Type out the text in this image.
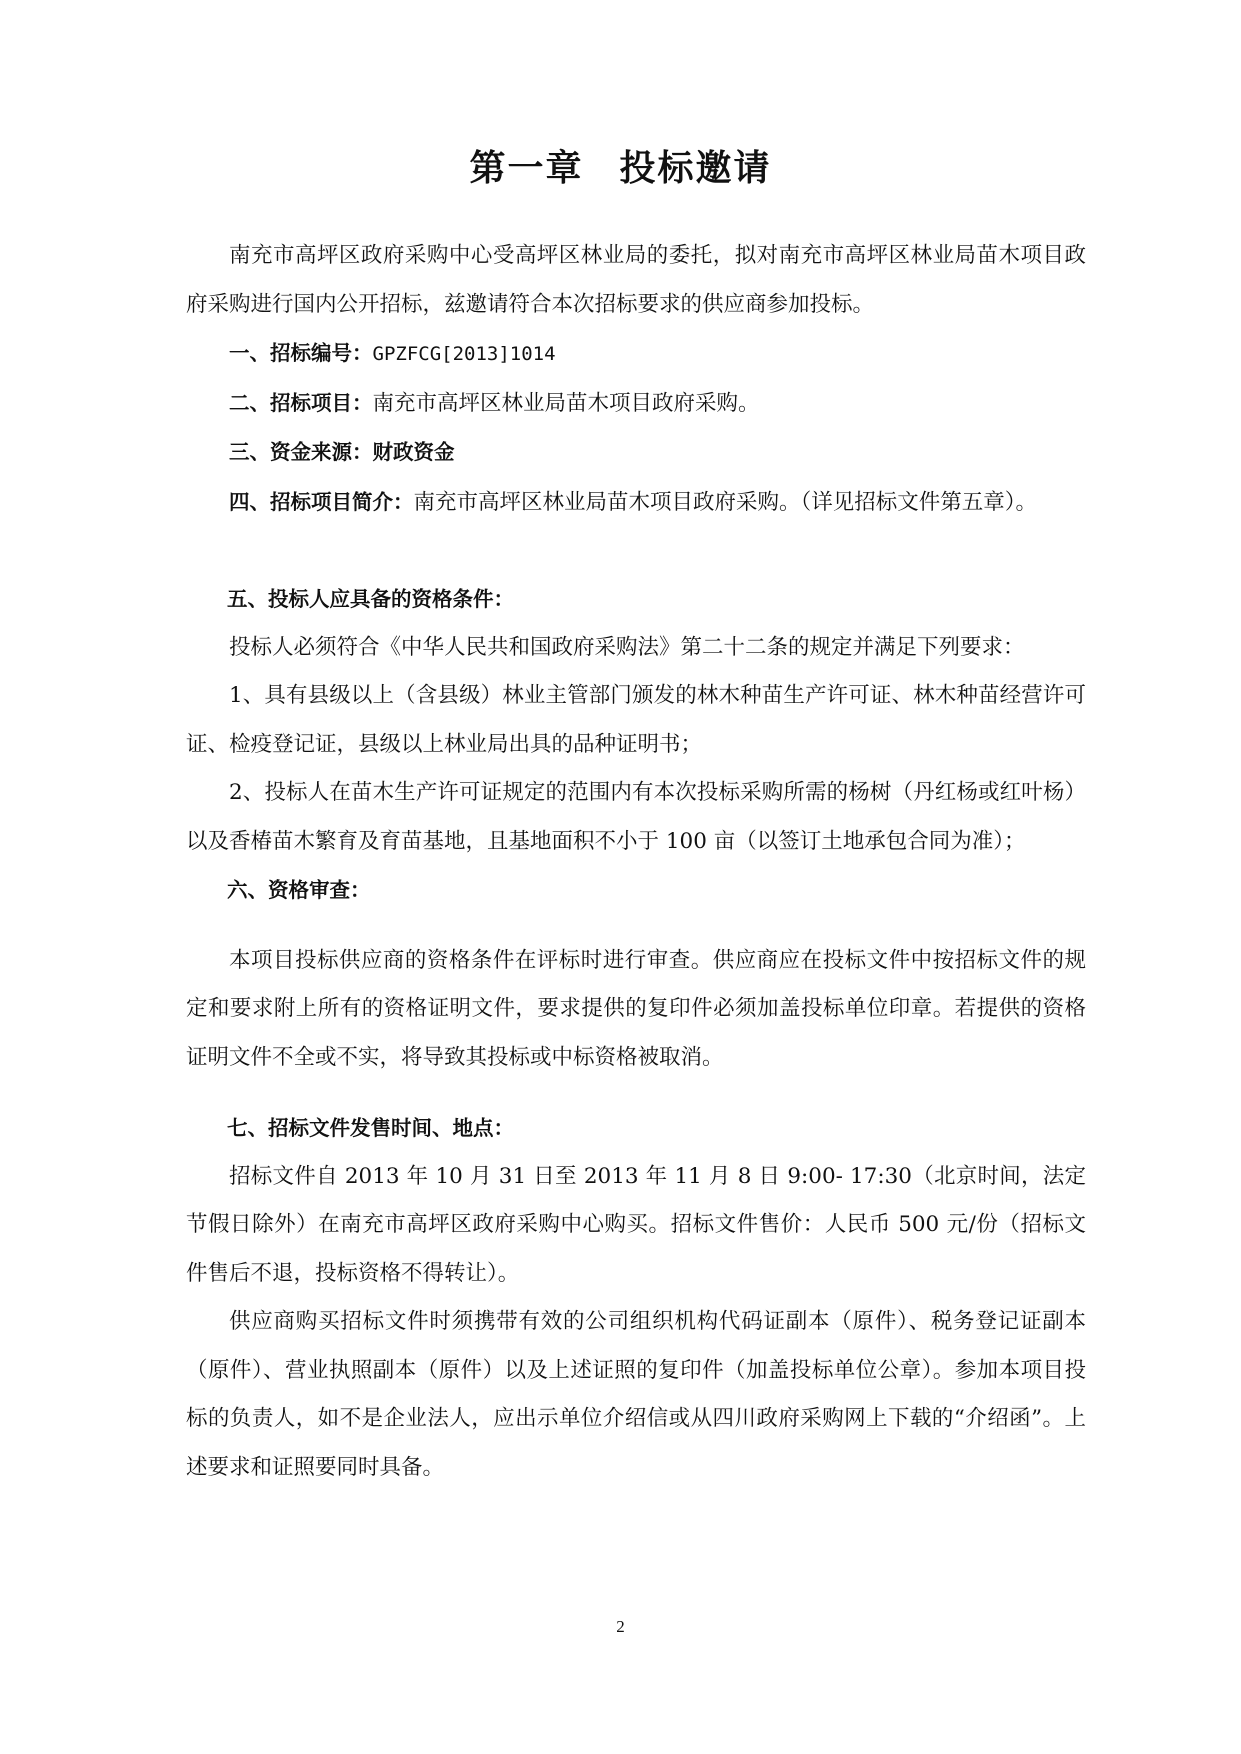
第一章 投标邀请

南充市高坪区政府采购中心受高坪区林业局的委托，拟对南充市高坪区林业局苗木项目政府采购进行国内公开招标，兹邀请符合本次招标要求的供应商参加投标。

一、招标编号：GPZFCG[2013]1014

二、招标项目：南充市高坪区林业局苗木项目政府采购。

三、资金来源：财政资金

四、招标项目简介：南充市高坪区林业局苗木项目政府采购。（详见招标文件第五章）。

五、投标人应具备的资格条件：

投标人必须符合《中华人民共和国政府采购法》第二十二条的规定并满足下列要求：

1、具有县级以上（含县级）林业主管部门颁发的林木种苗生产许可证、林木种苗经营许可证、检疫登记证，县级以上林业局出具的品种证明书；

2、投标人在苗木生产许可证规定的范围内有本次投标采购所需的杨树（丹红杨或红叶杨）以及香椿苗木繁育及育苗基地，且基地面积不小于 100 亩（以签订土地承包合同为准）；

六、资格审查：

本项目投标供应商的资格条件在评标时进行审查。供应商应在投标文件中按招标文件的规定和要求附上所有的资格证明文件，要求提供的复印件必须加盖投标单位印章。若提供的资格证明文件不全或不实，将导致其投标或中标资格被取消。

七、招标文件发售时间、地点：

招标文件自 2013 年 10 月 31 日至 2013 年 11 月 8 日 9:00- 17:30（北京时间，法定节假日除外）在南充市高坪区政府采购中心购买。招标文件售价：人民币 500 元/份（招标文件售后不退，投标资格不得转让）。

供应商购买招标文件时须携带有效的公司组织机构代码证副本（原件）、税务登记证副本（原件）、营业执照副本（原件）以及上述证照的复印件（加盖投标单位公章）。参加本项目投标的负责人，如不是企业法人，应出示单位介绍信或从四川政府采购网上下载的“介绍函”。上述要求和证照要同时具备。

2
